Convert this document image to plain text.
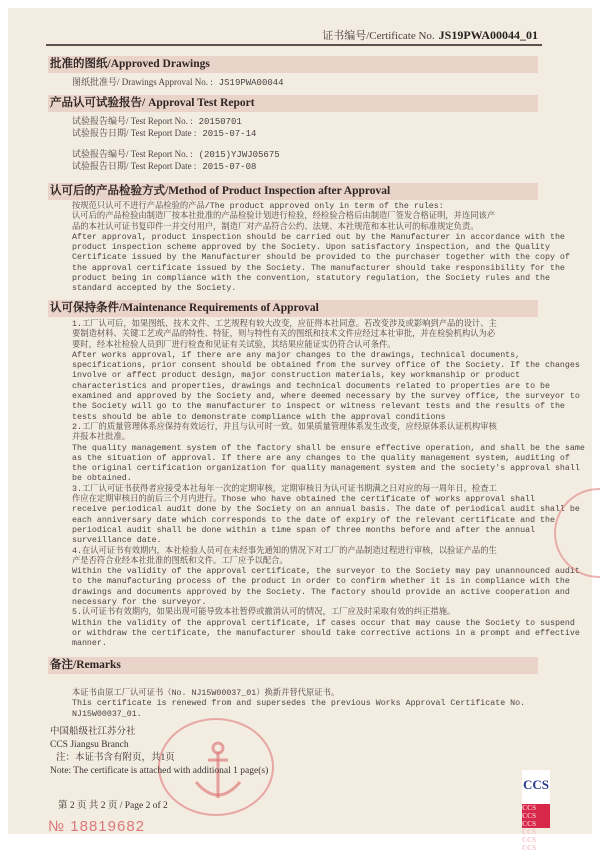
证书编号/Certificate No. JS19PWA00044_01
批准的图纸/Approved Drawings
图纸批准号/ Drawings Approval No. : JS19PWA00044
产品认可试验报告/ Approval Test Report
试验报告编号/ Test Report No. : 20150701
试验报告日期/ Test Report Date : 2015-07-14
试验报告编号/ Test Report No. : (2015)YJWJ05675
试验报告日期/ Test Report Date : 2015-07-08
认可后的产品检验方式/Method of Product Inspection after Approval
按规范只认可不进行产品检验的产品/The product approved only in term of the rules:
认可后的产品检验由制造厂按本社批准的产品检验计划进行检验，经检验合格后由制造厂签发合格证明，并连同该产
品的本社认可证书复印件一并交付用户，制造厂对产品符合公约、法规、本社规范和本社认可的标准规定负责。
After approval, product inspection should be carried out by the Manufacturer in accordance with the
product inspection scheme approved by the Society. Upon satisfactory inspection, and the Quality
Certificate issued by the Manufacturer should be provided to the purchaser together with the copy of
the approval certificate issued by the Society. The manufacturer should take responsibility for the
product being in compliance with the convention, statutory regulation, the Society rules and the
standard accepted by the Society.
认可保持条件/Maintenance Requirements of Approval
1.工厂认可后，如果图纸、技术文件、工艺规程有较大改变，应征得本社同意。若改变涉及或影响到产品的设计、主
要制造材料、关键工艺或产品的特性、特征，则与特性有关的图纸和技术文件应经过本社审批，并在检验机构认为必
要时，经本社检验人员到厂进行检查和见证有关试验，其结果应能证实仍符合认可条件。
After works approval, if there are any major changes to the drawings, technical documents,
specifications, prior consent should be obtained from the survey office of the Society. If the changes
involve or affect product design, major construction materials, key workmanship or product
characteristics and properties, drawings and technical documents related to properties are to be
examined and approved by the Society and, where deemed necessary by the survey office, the surveyor to
the Society will go to the manufacturer to inspect or witness relevant tests and the results of the
tests should be able to demonstrate compliance with the approval conditions
2.工厂的质量管理体系应保持有效运行，并且与认可时一致。如果质量管理体系发生改变，应经原体系认证机构审核
并报本社批准。
The quality management system of the factory shall be ensure effective operation, and shall be the same
as the situation of approval. If there are any changes to the quality management system, auditing of
the original certification organization for quality management system and the society's approval shall
be obtained.
3.工厂认可证书获得者应接受本社每年一次的定期审核，定期审核日为认可证书期满之日对应的每一周年日，检查工
作应在定期审核日的前后三个月内进行。Those who have obtained the certificate of works approval shall
receive periodical audit done by the Society on an annual basis. The date of periodical audit shall be
each anniversary date which corresponds to the date of expiry of the relevant certificate and the
periodical audit shall be done within a time span of three months before and after the annual
surveillance date.
4.在认可证书有效期内，本社检验人员可在未经事先通知的情况下对工厂的产品制造过程进行审核，以验证产品的生
产是否符合业经本社批准的图纸和文件。工厂应予以配合。
Within the validity of the approval certificate, the surveyor to the Society may pay unannounced audit
to the manufacturing process of the product in order to confirm whether it is in compliance with the
drawings and documents approved by the Society. The factory should provide an active cooperation and
necessary for the surveyor.
5.认可证书有效期内，如果出现可能导致本社暂停或撤消认可的情况，工厂应及时采取有效的纠正措施。
Within the validity of the approval certificate, if cases occur that may cause the Society to suspend
or withdraw the certificate, the manufacturer should take corrective actions in a prompt and effective
manner.
备注/Remarks
本证书由原工厂认可证书（No. NJ15W00037_01）换新并替代原证书。
This certificate is renewed from and supersedes the previous Works Approval Certificate No.
NJ15W00037_01.
中国船级社江苏分社
CCS Jiangsu Branch
注：本证书含有附页，共1页
Note: The certificate is attached with additional 1 page(s)
第 2 页 共 2 页 / Page 2 of 2
№ 18819682
CCS
CCS CCS CCS CCS CCS CCS
